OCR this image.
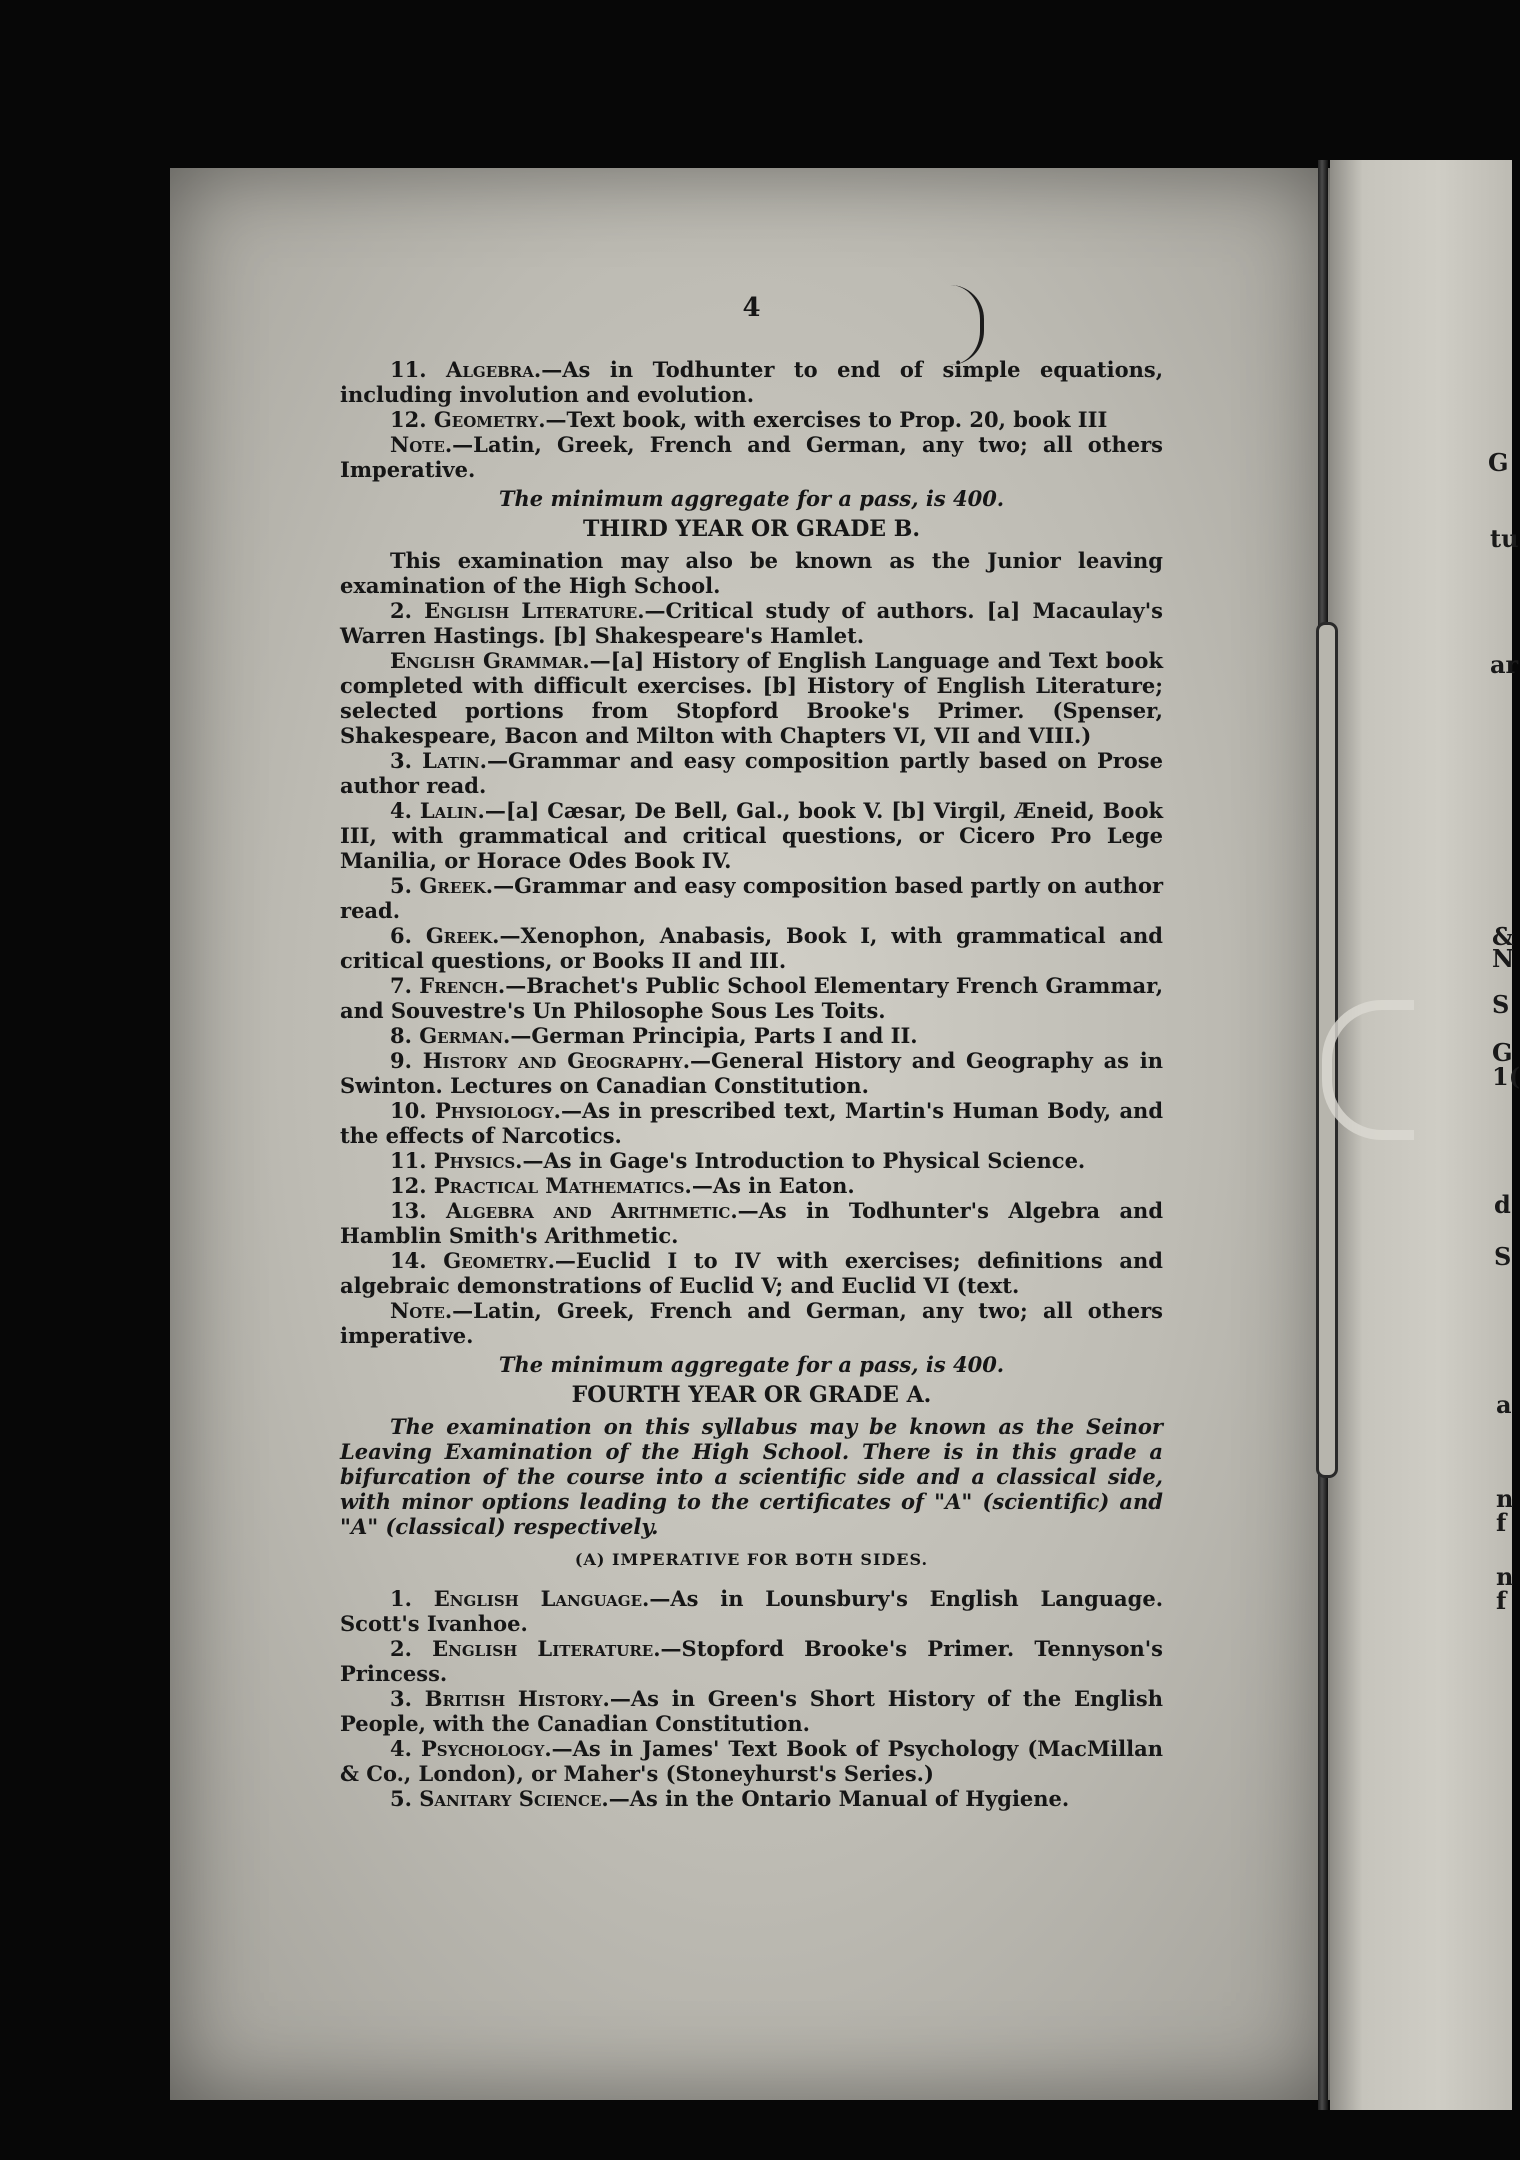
G
tu
ar
&
N
S
G
1(
d
S
a
n
f
n
f
4

11. Algebra.—As in Todhunter to end of simple equations, including involution and evolution.

12. Geometry.—Text book, with exercises to Prop. 20, book III

Note.—Latin, Greek, French and German, any two; all others Imperative.

The minimum aggregate for a pass, is 400.

THIRD YEAR OR GRADE B.

This examination may also be known as the Junior leaving examination of the High School.

2. English Literature.—Critical study of authors. [a] Macaulay's Warren Hastings. [b] Shakespeare's Hamlet.

English Grammar.—[a] History of English Language and Text book completed with difficult exercises. [b] History of English Literature; selected portions from Stopford Brooke's Primer. (Spenser, Shakespeare, Bacon and Milton with Chapters VI, VII and VIII.)

3. Latin.—Grammar and easy composition partly based on Prose author read.

4. Lalin.—[a] Cæsar, De Bell, Gal., book V. [b] Virgil, Æneid, Book III, with grammatical and critical questions, or Cicero Pro Lege Manilia, or Horace Odes Book IV.

5. Greek.—Grammar and easy composition based partly on author read.

6. Greek.—Xenophon, Anabasis, Book I, with grammatical and critical questions, or Books II and III.

7. French.—Brachet's Public School Elementary French Grammar, and Souvestre's Un Philosophe Sous Les Toits.

8. German.—German Principia, Parts I and II.

9. History and Geography.—General History and Geography as in Swinton. Lectures on Canadian Constitution.

10. Physiology.—As in prescribed text, Martin's Human Body, and the effects of Narcotics.

11. Physics.—As in Gage's Introduction to Physical Science.

12. Practical Mathematics.—As in Eaton.

13. Algebra and Arithmetic.—As in Todhunter's Algebra and Hamblin Smith's Arithmetic.

14. Geometry.—Euclid I to IV with exercises; definitions and algebraic demonstrations of Euclid V; and Euclid VI (text.

Note.—Latin, Greek, French and German, any two; all others imperative.

The minimum aggregate for a pass, is 400.

FOURTH YEAR OR GRADE A.

The examination on this syllabus may be known as the Seinor Leaving Examination of the High School. There is in this grade a bifurcation of the course into a scientific side and a classical side, with minor options leading to the certificates of "A" (scientific) and "A" (classical) respectively.

(A) IMPERATIVE FOR BOTH SIDES.

1. English Language.—As in Lounsbury's English Language. Scott's Ivanhoe.

2. English Literature.—Stopford Brooke's Primer. Tennyson's Princess.

3. British History.—As in Green's Short History of the English People, with the Canadian Constitution.

4. Psychology.—As in James' Text Book of Psychology (MacMillan & Co., London), or Maher's (Stoneyhurst's Series.)

5. Sanitary Science.—As in the Ontario Manual of Hygiene.
